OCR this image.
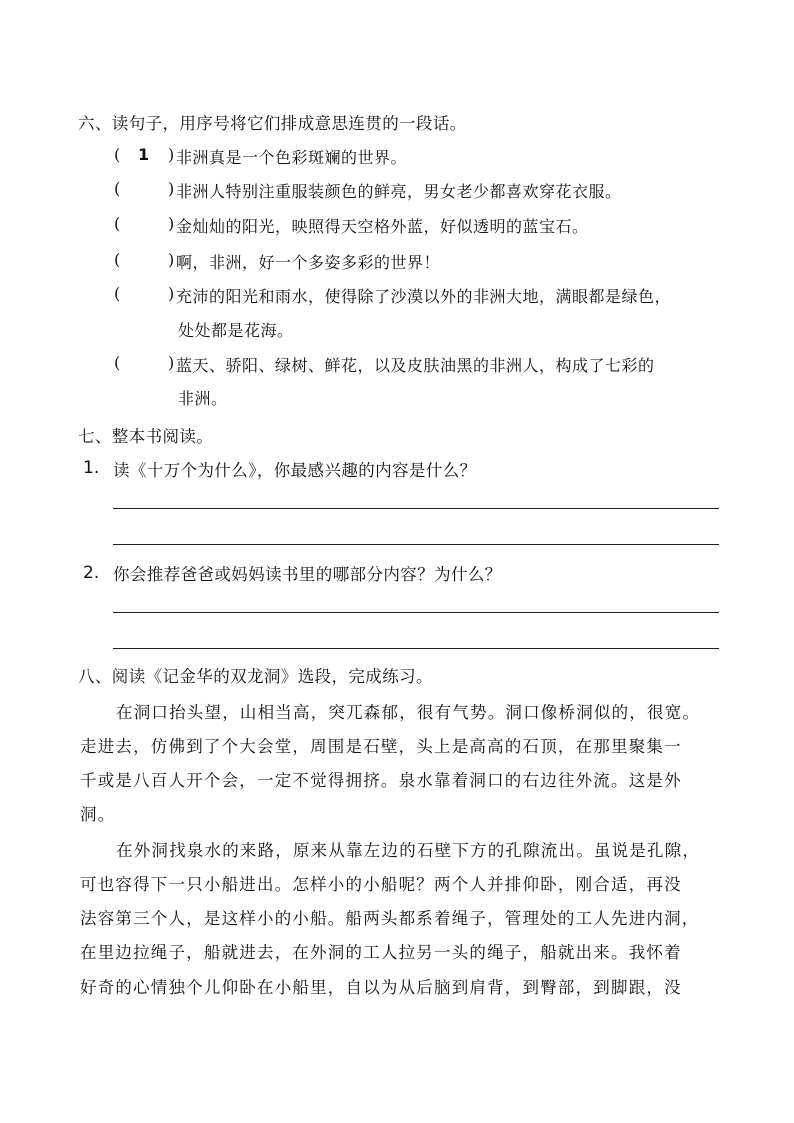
六、读句子，用序号将它们排成意思连贯的一段话。
( 1 ) 非洲真是一个色彩斑斓的世界。
(	) 非洲人特别注重服装颜色的鲜亮，男女老少都喜欢穿花衣服。
(	) 金灿灿的阳光，映照得天空格外蓝，好似透明的蓝宝石。
(	) 啊，非洲，好一个多姿多彩的世界！
(	) 充沛的阳光和雨水，使得除了沙漠以外的非洲大地，满眼都是绿色，
处处都是花海。
(	) 蓝天、骄阳、绿树、鲜花，以及皮肤油黑的非洲人，构成了七彩的
非洲。
七、整本书阅读。
1. 读《十万个为什么》，你最感兴趣的内容是什么？
2. 你会推荐爸爸或妈妈读书里的哪部分内容？为什么？
八、阅读《记金华的双龙洞》选段，完成练习。
在洞口抬头望，山相当高，突兀森郁，很有气势。洞口像桥洞似的，很宽。
走进去，仿佛到了个大会堂，周围是石壁，头上是高高的石顶，在那里聚集一
千或是八百人开个会，一定不觉得拥挤。泉水靠着洞口的右边往外流。这是外
洞。
在外洞找泉水的来路，原来从靠左边的石壁下方的孔隙流出。虽说是孔隙，
可也容得下一只小船进出。怎样小的小船呢？两个人并排仰卧，刚合适，再没
法容第三个人，是这样小的小船。船两头都系着绳子，管理处的工人先进内洞，
在里边拉绳子，船就进去，在外洞的工人拉另一头的绳子，船就出来。我怀着
好奇的心情独个儿仰卧在小船里，自以为从后脑到肩背，到臀部，到脚跟，没
